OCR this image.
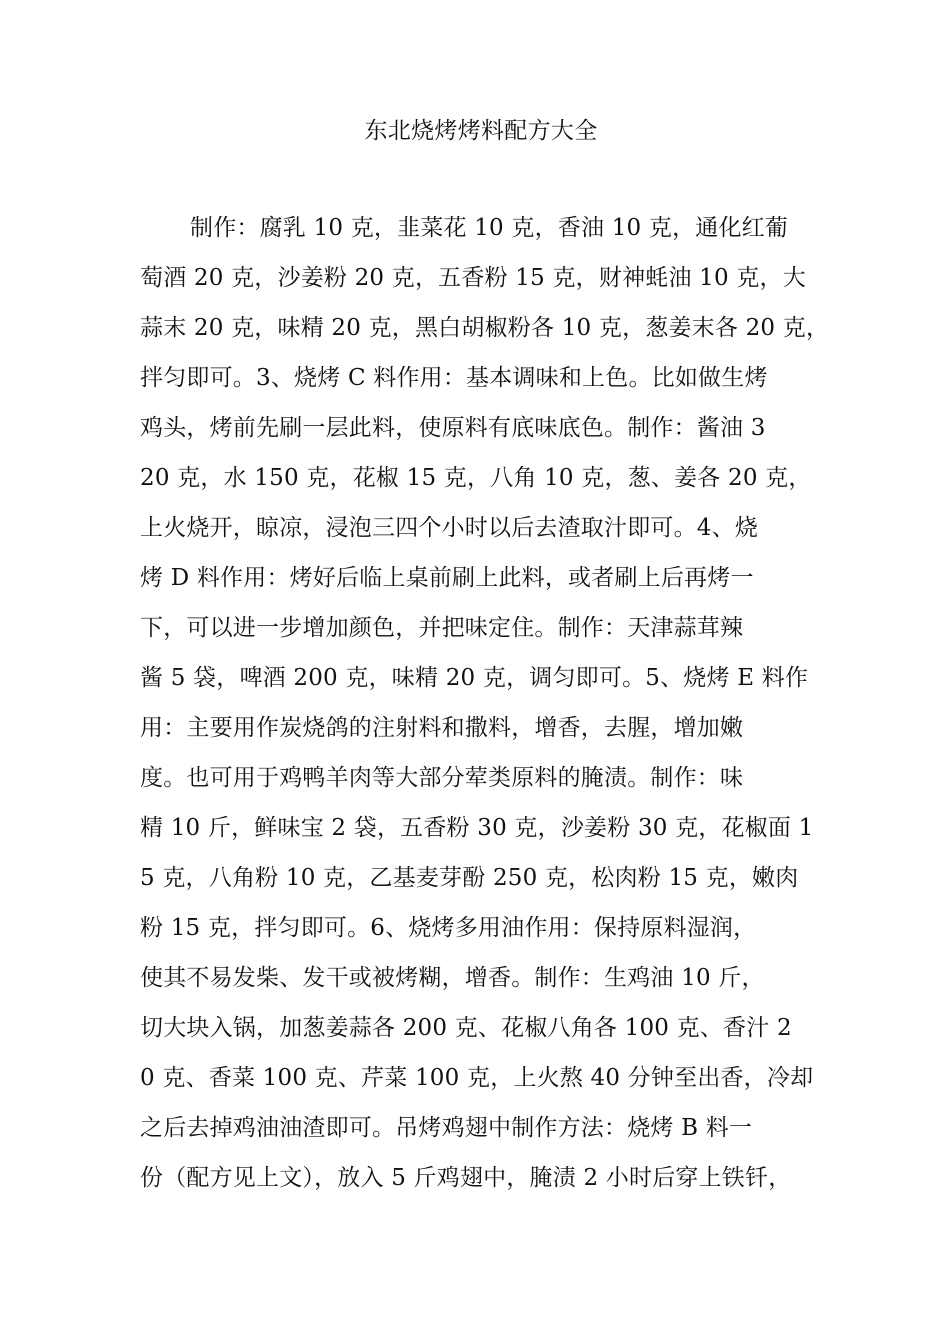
东北烧烤烤料配方大全
制作：腐乳 10 克，韭菜花 10 克，香油 10 克，通化红葡
萄酒 20 克，沙姜粉 20 克，五香粉 15 克，财神蚝油 10 克，大
蒜末 20 克，味精 20 克，黑白胡椒粉各 10 克，葱姜末各 20 克，
拌匀即可。3、烧烤 C 料作用：基本调味和上色。比如做生烤
鸡头，烤前先刷一层此料，使原料有底味底色。制作：酱油 3
20 克，水 150 克，花椒 15 克，八角 10 克，葱、姜各 20 克，
上火烧开，晾凉，浸泡三四个小时以后去渣取汁即可。4、烧
烤 D 料作用：烤好后临上桌前刷上此料，或者刷上后再烤一
下，可以进一步增加颜色，并把味定住。制作：天津蒜茸辣
酱 5 袋，啤酒 200 克，味精 20 克，调匀即可。5、烧烤 E 料作
用：主要用作炭烧鸽的注射料和撒料，增香，去腥，增加嫩
度。也可用于鸡鸭羊肉等大部分荤类原料的腌渍。制作：味
精 10 斤，鲜味宝 2 袋，五香粉 30 克，沙姜粉 30 克，花椒面 1
5 克，八角粉 10 克，乙基麦芽酚 250 克，松肉粉 15 克，嫩肉
粉 15 克，拌匀即可。6、烧烤多用油作用：保持原料湿润，
使其不易发柴、发干或被烤糊，增香。制作：生鸡油 10 斤，
切大块入锅，加葱姜蒜各 200 克、花椒八角各 100 克、香汁 2
0 克、香菜 100 克、芹菜 100 克，上火熬 40 分钟至出香，冷却
之后去掉鸡油油渣即可。吊烤鸡翅中制作方法：烧烤 B 料一
份（配方见上文），放入 5 斤鸡翅中，腌渍 2 小时后穿上铁钎，
